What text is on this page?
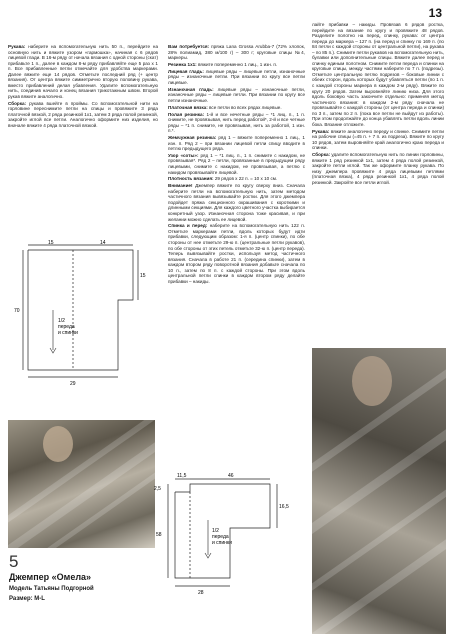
13

Рукава: наберите на вспомогательную нить 50 п., перейдите на основную нить и вяжите узором «гармошка», начиная с 6 рядов лицевой глади. В 16-м ряду от начала вязания с одной стороны (скат) прибавьте 1 п., далее в каждом 8-м ряду прибавляйте еще 5 раз х 1 п. Все прибавленные петли отмечайте для удобства маркерами. Далее вяжите еще 14 рядов. Отметьте последний ряд (+ центр вязания). От центра вяжите симметрично вторую половину рукава, вместо прибавлений делая убавления. Удалите вспомогательную нить, соединив начало и конец вязания трикотажным швом. Второй рукав вяжите аналогично.

Сборка: рукава вшейте в проймы. Со вспомогательной нити на горловине переснимите петли на спицы и провяжите 3 ряда платочной вязкой, 2 ряда резинкой 1х1, затем 3 ряда полой резинкой, закройте иглой все петли. Аналогично оформите низ изделия, но вначале вяжите 4 ряда платочной вязкой.

Вам потребуется: пряжа Lana Grossa Arubba-7 (72% хлопок, 28% полиамид, 380 м/100 г) – 300 г; круговые спицы №4, маркеры.

Резинка 1х1: вяжите попеременно 1 лиц., 1 изн. п.

Лицевая гладь: лицевые ряды – лицевые петли, изнаночные ряды – изнаночные петли. При вязании по кругу все петли лицевые.

Изнаночная гладь: лицевые ряды – изнаночные петли, изнаночные ряды – лицевые петли. При вязании по кругу все петли изнаночные.

Платочная вязка: все петли во всех рядах лицевые.

Полая резинка: 1-й и все нечетные ряды – *1 лиц. п., 1 п. снимите, не провязывая, нить перед работой*, 2-й и все четные ряды – *1 п. снимите, не провязывая, нить за работой, 1 изн. п.*.

Жемчужная резинка: ряд 1 – вяжите попеременно 1 лиц., 1 изн. п. Ряд 2 – при вязании лицевой петли спицу вводите в петлю предыдущего ряда.

Узор «соты»: ряд 1 – *1 лиц. п., 1 п. снимите с накидом, не провязывая*. Ряд 2 – петли, провязанные в предыдущем ряду лицевыми, снимите с накидом, не провязывая, а петлю с накидом провязывайте лицевой.

Плотность вязания: 29 рядов х 22 п. = 10 х 10 см.

Внимание! Джемпер вяжите по кругу сверху вниз. Сначала наберите петли на вспомогательную нить, затем методом частичного вязания вывязывайте ростки. Для этого джемпера подойдет пряжа секционного окрашивания с короткими и длинными секциями. Для каждого цветного участка выбирается конкретный узор. Изнаночная сторона тоже красивая, и при желании можно сделать ее лицевой.

Спинка и перед: наберите на вспомогательную нить 122 п. Отметьте маркерами петли, вдоль которых будут идти прибавки, следующим образом: 1-я п. (центр спинки), по обе стороны от нее отметьте 29-ю п. (центральные петли рукавов), по обе стороны от этих петель отметьте 32-ю п. (центр переда). Теперь вывязывайте ростки, используя метод частичного вязания. Сначала в работе 21 п. (середина спинки), затем в каждом втором ряду поворотной вязания добавьте сначала по 10 п., затем по 8 п. с каждой стороны. При этом вдоль центральной петли спинки в каждом втором ряду делайте прибавки – накиды.

лайте прибавки – накиды. Провязав 6 рядов ростка, перейдите на вязание по кругу и провяжите 48 рядов. Разделите полотно на перед, спинку, рукава: от центра переда до маркера – 127 п. (на перед и спинку по 169 п. (по 84 петли с каждой стороны от центральной петли), на рукава – по 85 п.). Снимите петли рукавов на вспомогательную нить, булавки или дополнительные спицы. Вяжите далее перед и спинку единым полотном. Снимите петли переда и спинки на круговые спицы, между частями наберите по 7 п. (подрезы). Отметьте центральную петлю подрезов – боковые линии с обеих сторон, вдоль которых будут убавляться петли (по 1 п. с каждой стороны маркера в каждом 2-м ряду). Вяжите по кругу 20 рядов. Затем выровняйте линию низа. Для этого вдоль боковую часть закончите отдельно: применяя метод частичного вязания: в каждом 2-м ряду сначала не провязывайте с каждой стороны (от центра переда и спинки) по 3 п., затем по 2 п. (пока все петли не выйдут из работы). При этом продолжайте до конца убавлять петли вдоль линии бока. Вязание отложите.

Рукава: вяжите аналогично переду и спинке. Снимите петли на рабочие спицы (=45 п. + 7 п. из подреза). Вяжите по кругу 10 рядов, затем выровняйте край аналогично краю переда и спинки.

Сборка: удалите вспомогательную нить по линии горловины, вяжите 1 ряд резинкой 1х1, затем 4 ряда полой резинкой, закройте петли иглой. Так же оформите планку рукава. По низу джемпера провяжите 4 ряда лицевыми петлями (платочная вязка), 4 ряда резинкой 1х1, 4 ряда полой резинкой. Закройте все петли иглой.

15	14
70
15
29
1/2
переда
и спинки
11,5	46
2,5
58
16,5
28
1/2
переда
и спинки
5
Джемпер «Омела»
Модель Татьяны Подгорной
Размер: M-L
